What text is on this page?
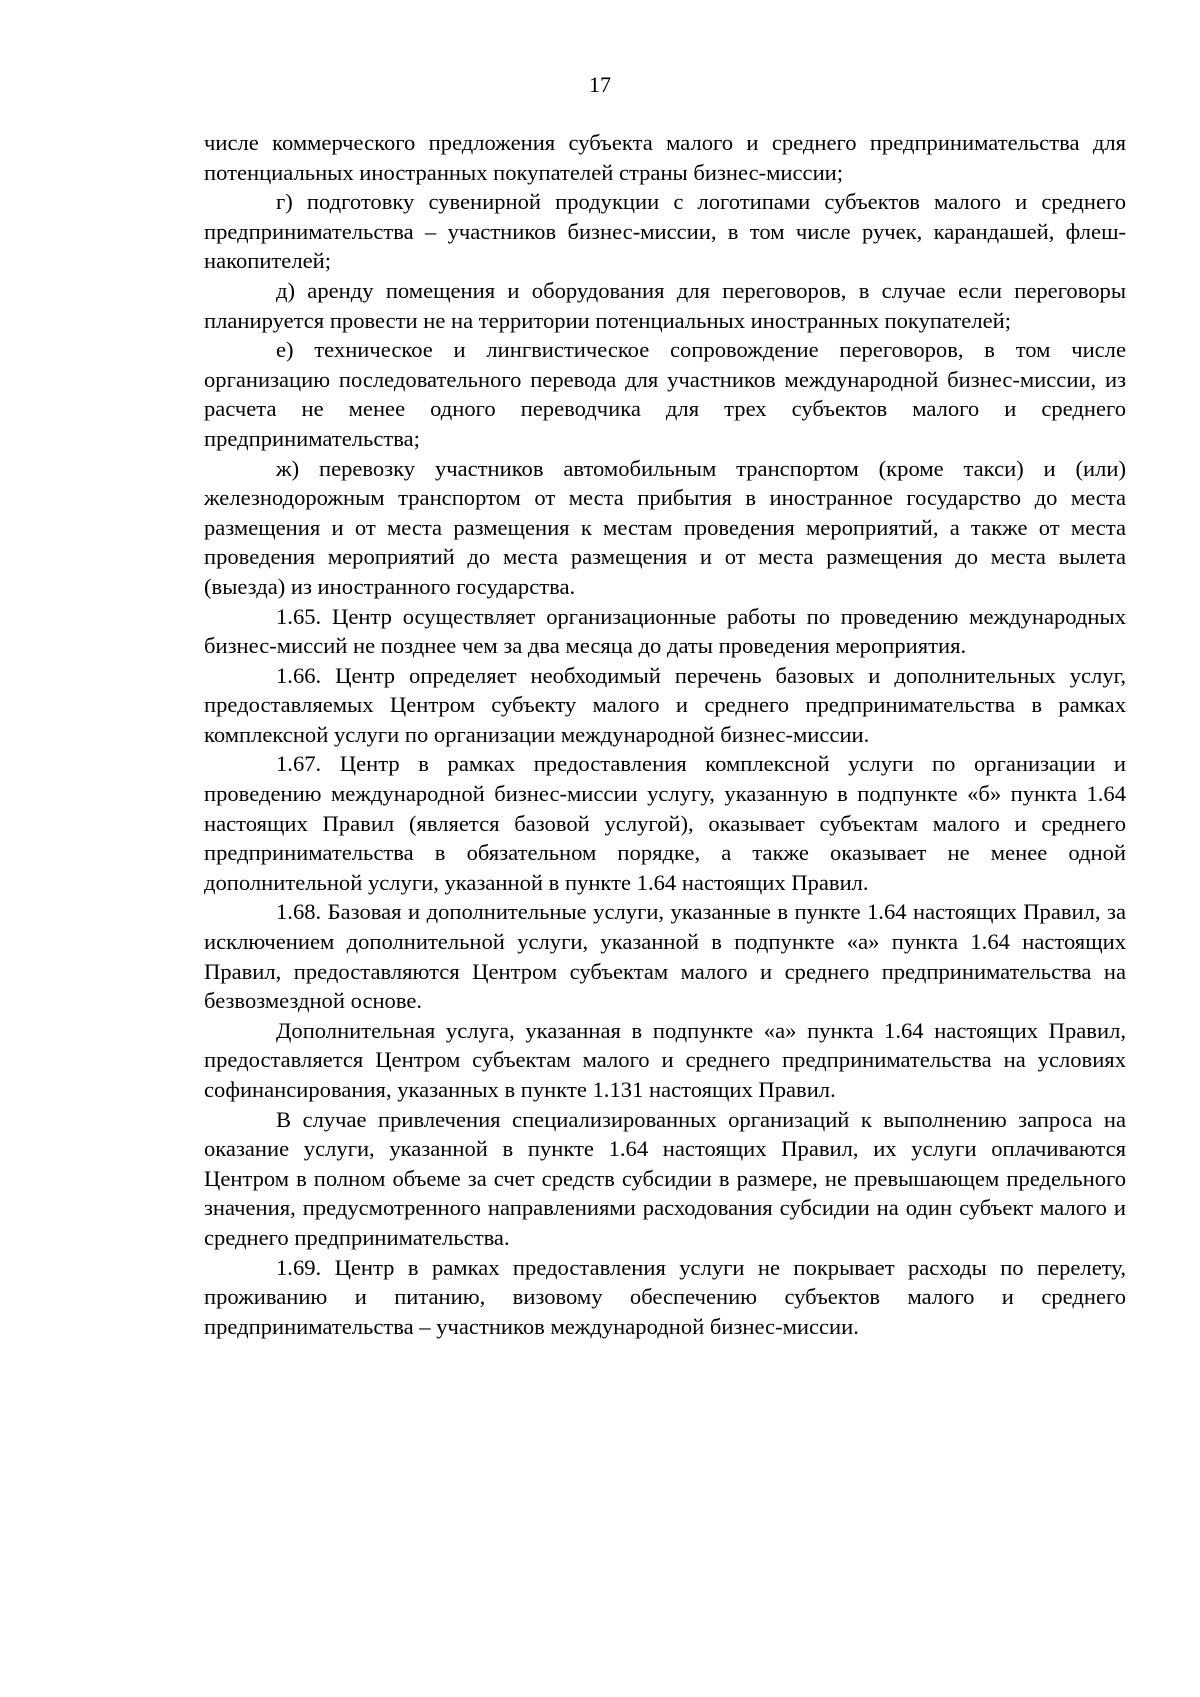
17

числе коммерческого предложения субъекта малого и среднего предпринимательства для потенциальных иностранных покупателей страны бизнес-миссии;

г) подготовку сувенирной продукции с логотипами субъектов малого и среднего предпринимательства – участников бизнес-миссии, в том числе ручек, карандашей, флеш-накопителей;

д) аренду помещения и оборудования для переговоров, в случае если переговоры планируется провести не на территории потенциальных иностранных покупателей;

е) техническое и лингвистическое сопровождение переговоров, в том числе организацию последовательного перевода для участников международной бизнес-миссии, из расчета не менее одного переводчика для трех субъектов малого и среднего предпринимательства;

ж) перевозку участников автомобильным транспортом (кроме такси) и (или) железнодорожным транспортом от места прибытия в иностранное государство до места размещения и от места размещения к местам проведения мероприятий, а также от места проведения мероприятий до места размещения и от места размещения до места вылета (выезда) из иностранного государства.

1.65. Центр осуществляет организационные работы по проведению международных бизнес-миссий не позднее чем за два месяца до даты проведения мероприятия.

1.66. Центр определяет необходимый перечень базовых и дополнительных услуг, предоставляемых Центром субъекту малого и среднего предпринимательства в рамках комплексной услуги по организации международной бизнес-миссии.

1.67. Центр в рамках предоставления комплексной услуги по организации и проведению международной бизнес-миссии услугу, указанную в подпункте «б» пункта 1.64 настоящих Правил (является базовой услугой), оказывает субъектам малого и среднего предпринимательства в обязательном порядке, а также оказывает не менее одной дополнительной услуги, указанной в пункте 1.64 настоящих Правил.

1.68. Базовая и дополнительные услуги, указанные в пункте 1.64 настоящих Правил, за исключением дополнительной услуги, указанной в подпункте «а» пункта 1.64 настоящих Правил, предоставляются Центром субъектам малого и среднего предпринимательства на безвозмездной основе.

Дополнительная услуга, указанная в подпункте «а» пункта 1.64 настоящих Правил, предоставляется Центром субъектам малого и среднего предпринимательства на условиях софинансирования, указанных в пункте 1.131 настоящих Правил.

В случае привлечения специализированных организаций к выполнению запроса на оказание услуги, указанной в пункте 1.64 настоящих Правил, их услуги оплачиваются Центром в полном объеме за счет средств субсидии в размере, не превышающем предельного значения, предусмотренного направлениями расходования субсидии на один субъект малого и среднего предпринимательства.

1.69. Центр в рамках предоставления услуги не покрывает расходы по перелету, проживанию и питанию, визовому обеспечению субъектов малого и среднего предпринимательства – участников международной бизнес-миссии.
